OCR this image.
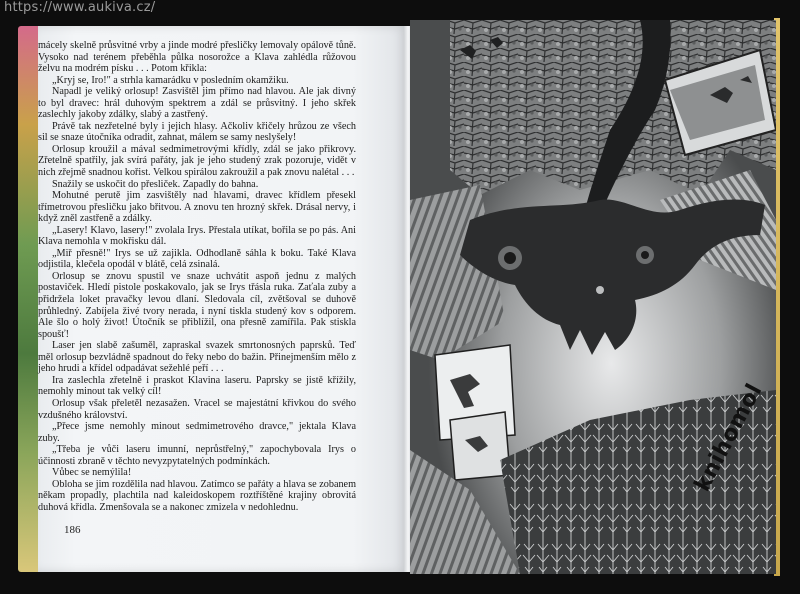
https://www.aukiva.cz/

mácely skelně průsvitné vrby a jinde modré přesličky lemovaly opálově tůně. Vysoko nad terénem přeběhla půlka nosorožce a Klava zahlédla růžovou želvu na modrém písku . . . Potom křikla:

„Kryj se, Iro!" a strhla kamarádku v posledním okamžiku.

Napadl je veliký orlosup! Zasvištěl jim přímo nad hlavou. Ale jak divný to byl dravec: hrál duhovým spektrem a zdál se průsvitný. I jeho skřek zaslechly jakoby zdálky, slabý a zastřený.

Právě tak nezřetelné byly i jejich hlasy. Ačkoliv křičely hrůzou ze všech sil se snaze útočníka odradit, zahnat, málem se samy neslyšely!

Orlosup kroužil a mával sedmimetrovými křídly, zdál se jako přikrovy. Zřetelně spatřily, jak svírá pařáty, jak je jeho studený zrak pozoruje, vidět v nich zřejmě snadnou kořist. Velkou spirálou zakroužil a pak znovu nalétal . . .

Snažily se uskočit do přesliček. Zapadly do bahna.

Mohutné perutě jim zasvištěly nad hlavami, dravec křídlem přesekl třímetrovou přesličku jako břitvou. A znovu ten hrozný skřek. Drásal nervy, i když zněl zastřeně a zdálky.

„Lasery! Klavo, lasery!" zvolala Irys. Přestala utíkat, bořila se po pás. Ani Klava nemohla v mokřisku dál.

„Miř přesně!" Irys se už zajikla. Odhodlaně sáhla k boku. Také Klava odjistila, klečela opodál v blátě, celá zsinalá.

Orlosup se znovu spustil ve snaze uchvátit aspoň jednu z malých postaviček. Hledí pistole poskakovalo, jak se Irys třásla ruka. Zaťala zuby a přidržela loket pravačky levou dlaní. Sledovala cíl, zvětšoval se duhově průhledný. Zabíjela živé tvory nerada, i nyní tiskla studený kov s odporem. Ale šlo o holý život! Útočník se přiblížil, ona přesně zamířila. Pak stiskla spoušť!

Laser jen slabě zašuměl, zapraskal svazek smrtonosných paprsků. Teď měl orlosup bezvládně spadnout do řeky nebo do bažin. Přinejmenším mělo z jeho hrudi a křídel odpadávat sežehlé peří . . .

Ira zaslechla zřetelně i praskot Klavina laseru. Paprsky se jistě křížily, nemohly minout tak velký cíl!

Orlosup však přeletěl nezasažen. Vracel se majestátní křivkou do svého vzdušného království.

„Přece jsme nemohly minout sedmimetrového dravce," jektala Klava zuby.

„Třeba je vůči laseru imunní, neprůstřelný," zapochybovala Irys o účinnosti zbraně v těchto nevyzpytatelných podmínkách.

Vůbec se nemýlila!

Obloha se jim rozdělila nad hlavou. Zatímco se pařáty a hlava se zobanem někam propadly, plachtila nad kaleidoskopem roztříštěné krajiny obrovitá duhová křídla. Zmenšovala se a nakonec zmizela v nedohlednu.

186
knihomol
